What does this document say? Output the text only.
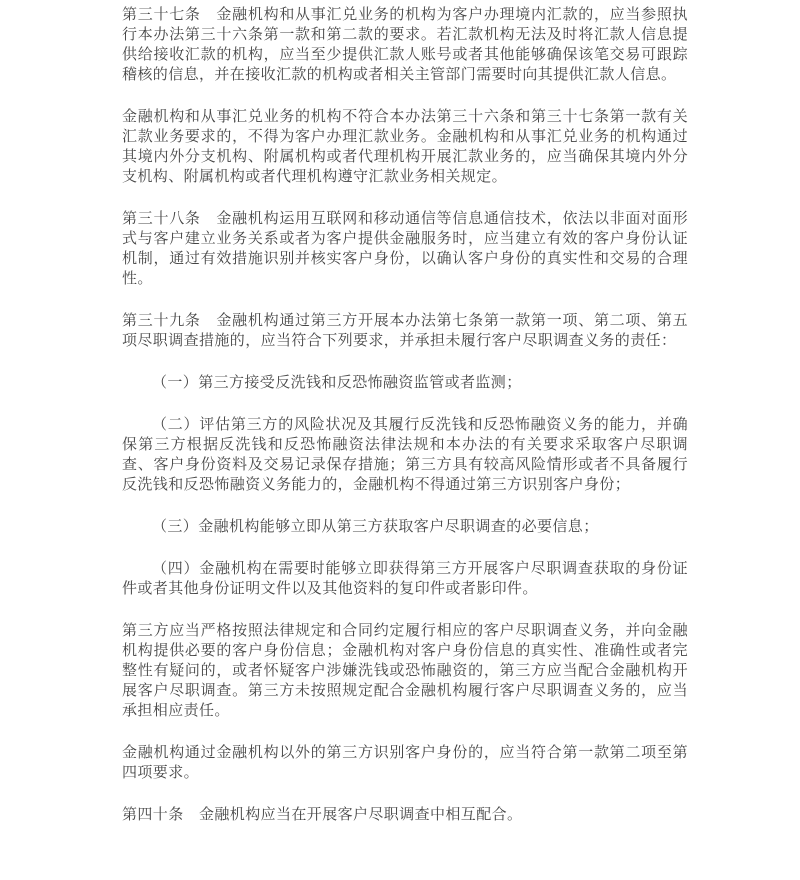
第三十七条　金融机构和从事汇兑业务的机构为客户办理境内汇款的，应当参照执行本办法第三十六条第一款和第二款的要求。若汇款机构无法及时将汇款人信息提供给接收汇款的机构，应当至少提供汇款人账号或者其他能够确保该笔交易可跟踪稽核的信息，并在接收汇款的机构或者相关主管部门需要时向其提供汇款人信息。

金融机构和从事汇兑业务的机构不符合本办法第三十六条和第三十七条第一款有关汇款业务要求的，不得为客户办理汇款业务。金融机构和从事汇兑业务的机构通过其境内外分支机构、附属机构或者代理机构开展汇款业务的，应当确保其境内外分支机构、附属机构或者代理机构遵守汇款业务相关规定。

第三十八条　金融机构运用互联网和移动通信等信息通信技术，依法以非面对面形式与客户建立业务关系或者为客户提供金融服务时，应当建立有效的客户身份认证机制，通过有效措施识别并核实客户身份，以确认客户身份的真实性和交易的合理性。

第三十九条　金融机构通过第三方开展本办法第七条第一款第一项、第二项、第五项尽职调查措施的，应当符合下列要求，并承担未履行客户尽职调查义务的责任：

（一）第三方接受反洗钱和反恐怖融资监管或者监测；

（二）评估第三方的风险状况及其履行反洗钱和反恐怖融资义务的能力，并确保第三方根据反洗钱和反恐怖融资法律法规和本办法的有关要求采取客户尽职调查、客户身份资料及交易记录保存措施；第三方具有较高风险情形或者不具备履行反洗钱和反恐怖融资义务能力的，金融机构不得通过第三方识别客户身份；

（三）金融机构能够立即从第三方获取客户尽职调查的必要信息；

（四）金融机构在需要时能够立即获得第三方开展客户尽职调查获取的身份证件或者其他身份证明文件以及其他资料的复印件或者影印件。

第三方应当严格按照法律规定和合同约定履行相应的客户尽职调查义务，并向金融机构提供必要的客户身份信息；金融机构对客户身份信息的真实性、准确性或者完整性有疑问的，或者怀疑客户涉嫌洗钱或恐怖融资的，第三方应当配合金融机构开展客户尽职调查。第三方未按照规定配合金融机构履行客户尽职调查义务的，应当承担相应责任。

金融机构通过金融机构以外的第三方识别客户身份的，应当符合第一款第二项至第四项要求。

第四十条　金融机构应当在开展客户尽职调查中相互配合。
